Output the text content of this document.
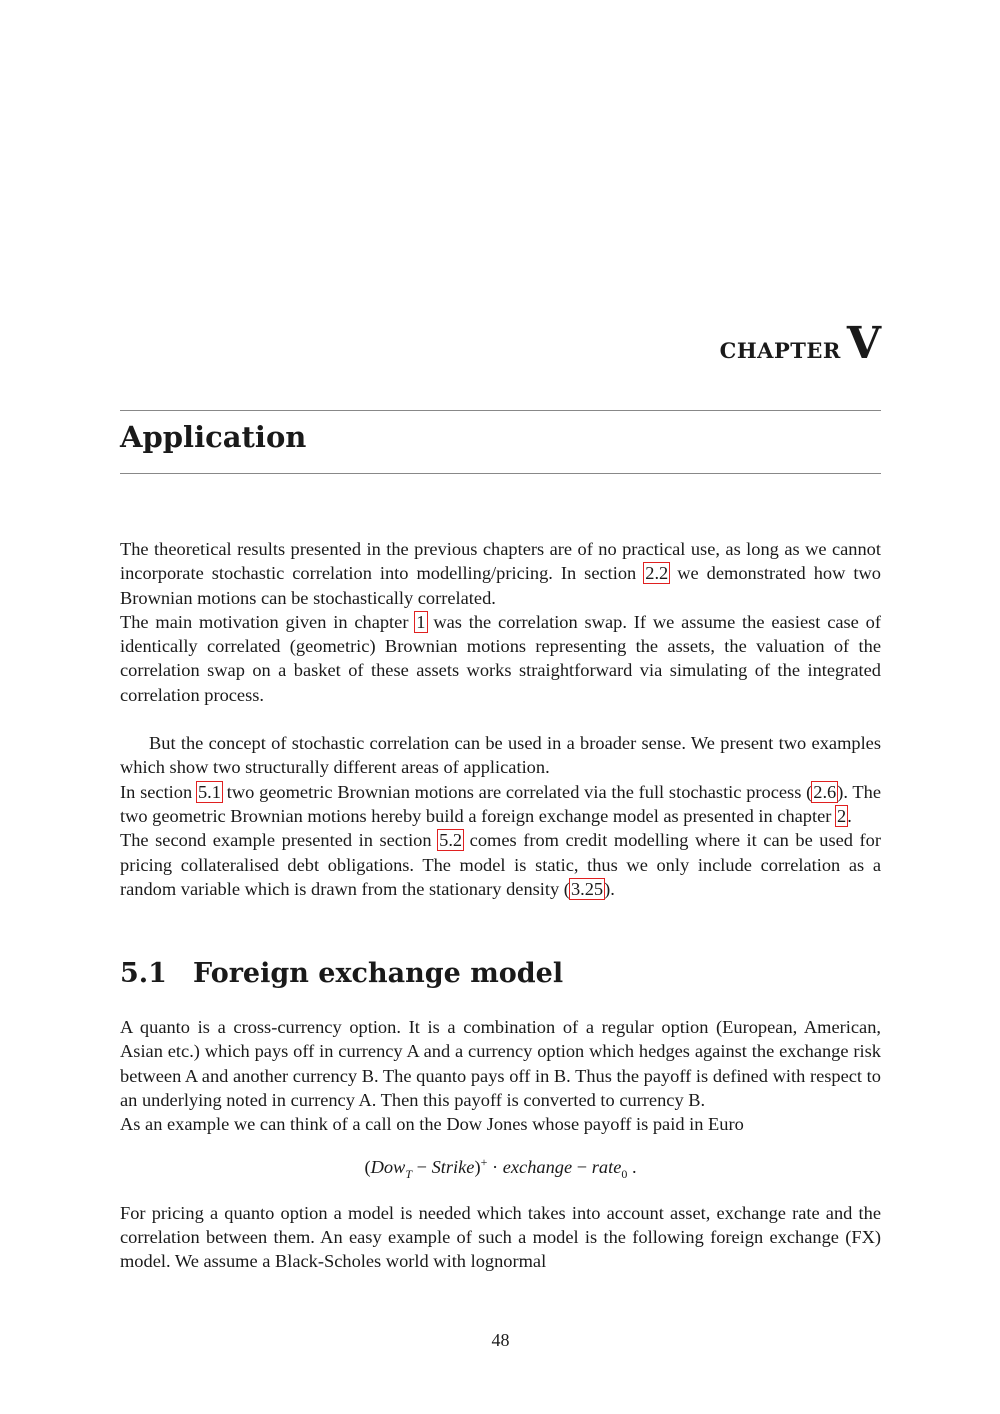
chapter V
Application

The theoretical results presented in the previous chapters are of no practical use, as long as we cannot incorporate stochastic correlation into modelling/pricing. In section 2.2 we demonstrated how two Brownian motions can be stochastically correlated.

The main motivation given in chapter 1 was the correlation swap. If we assume the easiest case of identically correlated (geometric) Brownian motions representing the assets, the valuation of the correlation swap on a basket of these assets works straightforward via simulating of the integrated correlation process.

But the concept of stochastic correlation can be used in a broader sense. We present two examples which show two structurally different areas of application.

In section 5.1 two geometric Brownian motions are correlated via the full stochastic process (2.6). The two geometric Brownian motions hereby build a foreign exchange model as presented in chapter 2.

The second example presented in section 5.2 comes from credit modelling where it can be used for pricing collateralised debt obligations. The model is static, thus we only include correlation as a random variable which is drawn from the stationary density (3.25).

5.1 Foreign exchange model

A quanto is a cross-currency option. It is a combination of a regular option (European, American, Asian etc.) which pays off in currency A and a currency option which hedges against the exchange risk between A and another currency B. The quanto pays off in B. Thus the payoff is defined with respect to an underlying noted in currency A. Then this payoff is converted to currency B.

As an example we can think of a call on the Dow Jones whose payoff is paid in Euro

(Dow$_T$ − Strike)+ · exchange − rate$_0$ .

For pricing a quanto option a model is needed which takes into account asset, exchange rate and the correlation between them. An easy example of such a model is the following foreign exchange (FX) model. We assume a Black-Scholes world with lognormal

48
